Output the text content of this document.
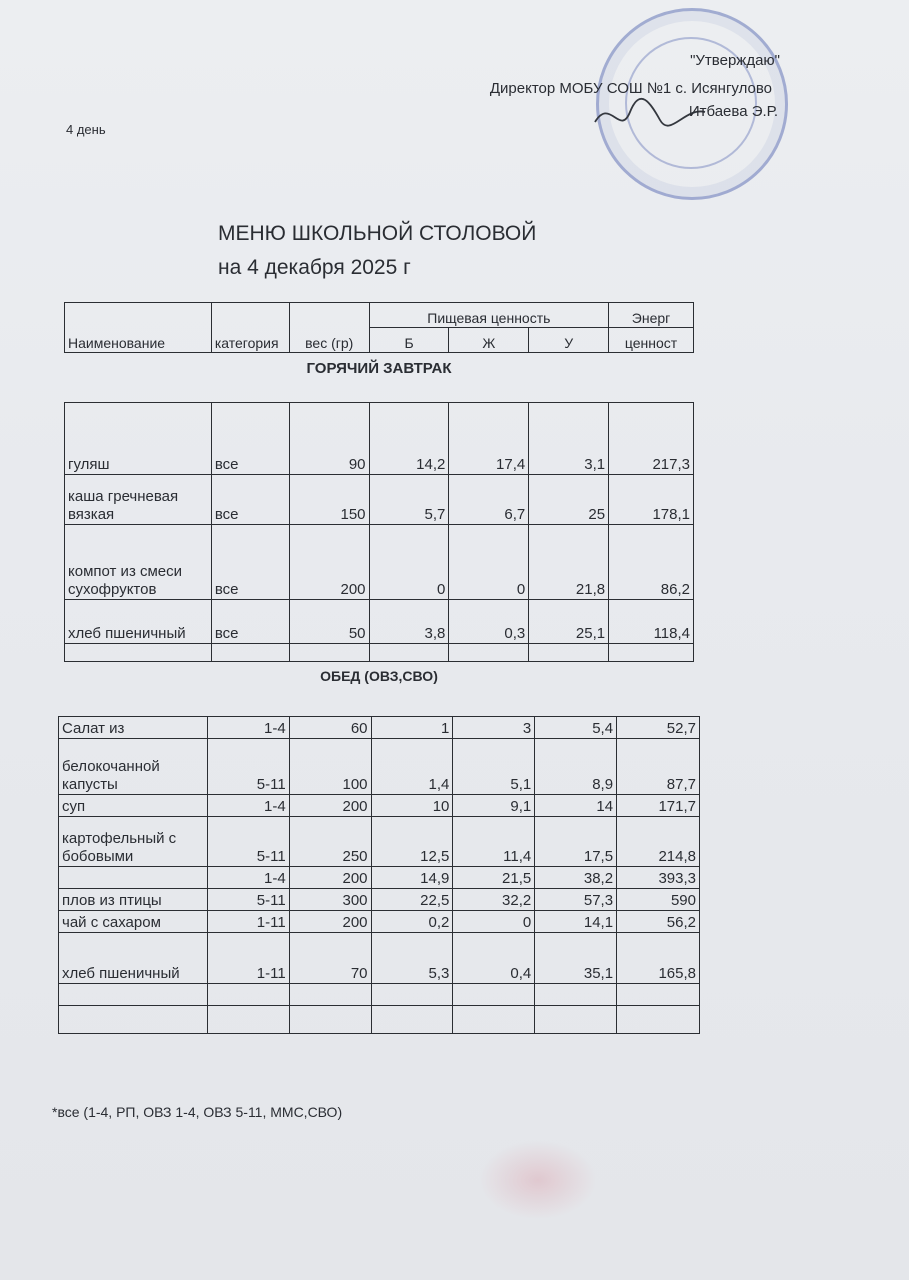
"Утверждаю"
Директор МОБУ СОШ №1 с. Исянгулово
Итбаева Э.Р.
4 день
МЕНЮ ШКОЛЬНОЙ СТОЛОВОЙ
на 4 декабря 2025 г
Наименование	категория	вес (гр)	Пищевая ценность			Энерг
			Б	Ж	У	ценност
ГОРЯЧИЙ ЗАВТРАК
гуляш	все	90	14,2	17,4	3,1	217,3
каша гречневая вязкая	все	150	5,7	6,7	25	178,1
компот из смеси сухофруктов	все	200	0	0	21,8	86,2
хлеб пшеничный	все	50	3,8	0,3	25,1	118,4

ОБЕД (ОВЗ,СВО)
Салат из	1-4	60	1	3	5,4	52,7
белокочанной капусты	5-11	100	1,4	5,1	8,9	87,7
суп	1-4	200	10	9,1	14	171,7
картофельный с бобовыми	5-11	250	12,5	11,4	17,5	214,8
	1-4	200	14,9	21,5	38,2	393,3
плов из птицы	5-11	300	22,5	32,2	57,3	590
чай с сахаром	1-11	200	0,2	0	14,1	56,2
хлеб пшеничный	1-11	70	5,3	0,4	35,1	165,8

*все (1-4, РП, ОВЗ 1-4, ОВЗ 5-11, ММС,СВО)
